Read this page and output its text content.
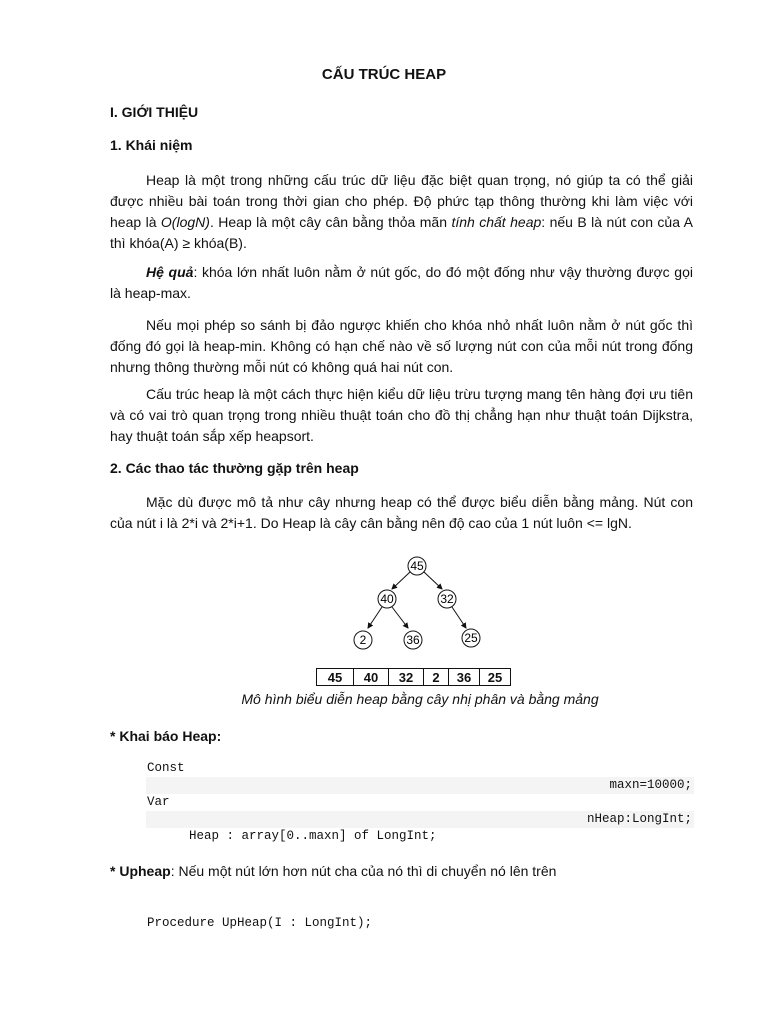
CẤU TRÚC HEAP
I. GIỚI THIỆU
1. Khái niệm

Heap là một trong những cấu trúc dữ liệu đặc biệt quan trọng, nó giúp ta có thể giải được nhiều bài toán trong thời gian cho phép. Độ phức tạp thông thường khi làm việc với heap là O(logN). Heap là một cây cân bằng thỏa mãn tính chất heap: nếu B là nút con của A thì khóa(A) ≥ khóa(B).

Hệ quả: khóa lớn nhất luôn nằm ở nút gốc, do đó một đống như vậy thường được gọi là heap-max.

Nếu mọi phép so sánh bị đảo ngược khiến cho khóa nhỏ nhất luôn nằm ở nút gốc thì đống đó gọi là heap-min. Không có hạn chế nào về số lượng nút con của mỗi nút trong đống nhưng thông thường mỗi nút có không quá hai nút con.

Cấu trúc heap là một cách thực hiện kiểu dữ liệu trừu tượng mang tên hàng đợi ưu tiên và có vai trò quan trọng trong nhiều thuật toán cho đồ thị chẳng hạn như thuật toán Dijkstra, hay thuật toán sắp xếp heapsort.

2. Các thao tác thường gặp trên heap

Mặc dù được mô tả như cây nhưng heap có thể được biểu diễn bằng mảng. Nút con của nút i là 2*i và 2*i+1. Do Heap là cây cân bằng nên độ cao của 1 nút luôn <= lgN.

45
40	32
2	36	25
45	40	32	2	36	25
Mô hình biểu diễn heap bằng cây nhị phân và bằng mảng
* Khai báo Heap:
Const
maxn=10000;
Var
nHeap:LongInt;
Heap : array[0..maxn] of LongInt;
* Upheap: Nếu một nút lớn hơn nút cha của nó thì di chuyển nó lên trên
Procedure UpHeap(I : LongInt);
